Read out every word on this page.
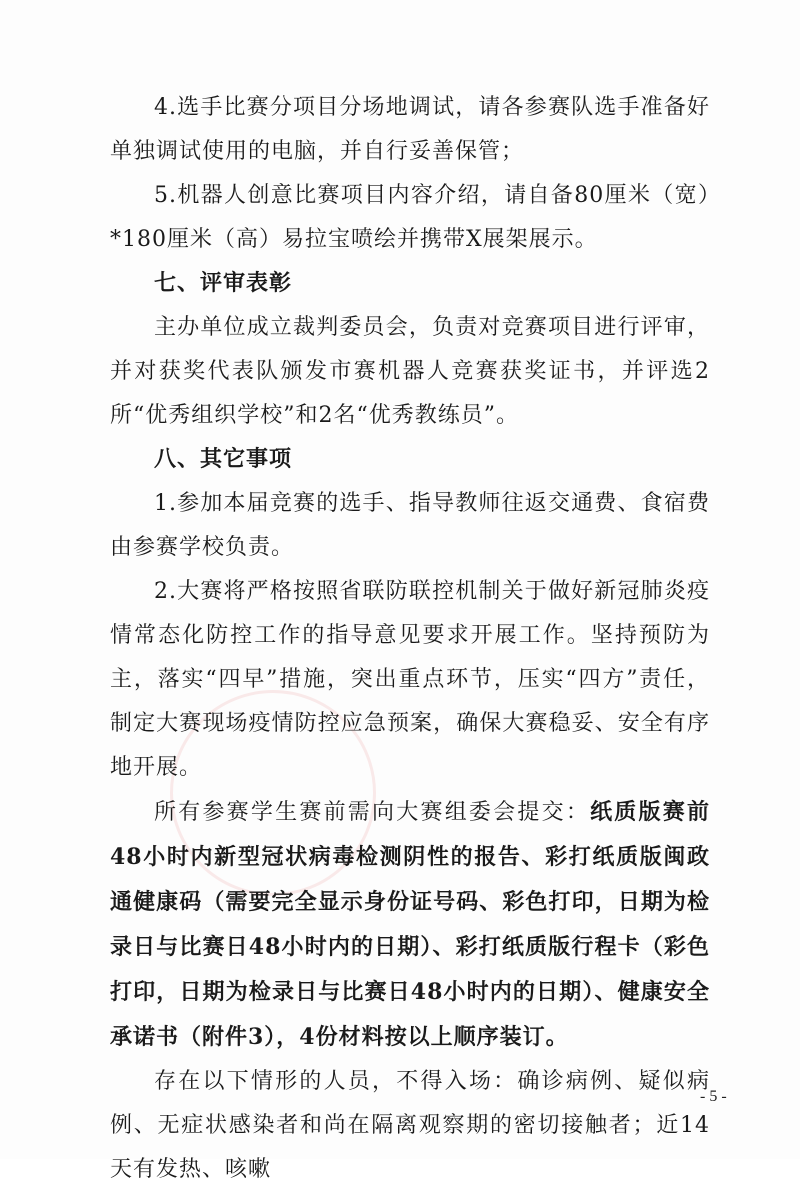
4.选手比赛分项目分场地调试，请各参赛队选手准备好单独调试使用的电脑，并自行妥善保管；

5.机器人创意比赛项目内容介绍，请自备80厘米（宽）*180厘米（高）易拉宝喷绘并携带X展架展示。

七、评审表彰

主办单位成立裁判委员会，负责对竞赛项目进行评审，并对获奖代表队颁发市赛机器人竞赛获奖证书，并评选2所“优秀组织学校”和2名“优秀教练员”。

八、其它事项

1.参加本届竞赛的选手、指导教师往返交通费、食宿费由参赛学校负责。

2.大赛将严格按照省联防联控机制关于做好新冠肺炎疫情常态化防控工作的指导意见要求开展工作。坚持预防为主，落实“四早”措施，突出重点环节，压实“四方”责任，制定大赛现场疫情防控应急预案，确保大赛稳妥、安全有序地开展。

所有参赛学生赛前需向大赛组委会提交：纸质版赛前48小时内新型冠状病毒检测阴性的报告、彩打纸质版闽政通健康码（需要完全显示身份证号码、彩色打印，日期为检录日与比赛日48小时内的日期）、彩打纸质版行程卡（彩色打印，日期为检录日与比赛日48小时内的日期）、健康安全承诺书（附件3），4份材料按以上顺序装订。

存在以下情形的人员，不得入场：确诊病例、疑似病例、无症状感染者和尚在隔离观察期的密切接触者；近14天有发热、咳嗽

- 5 -
